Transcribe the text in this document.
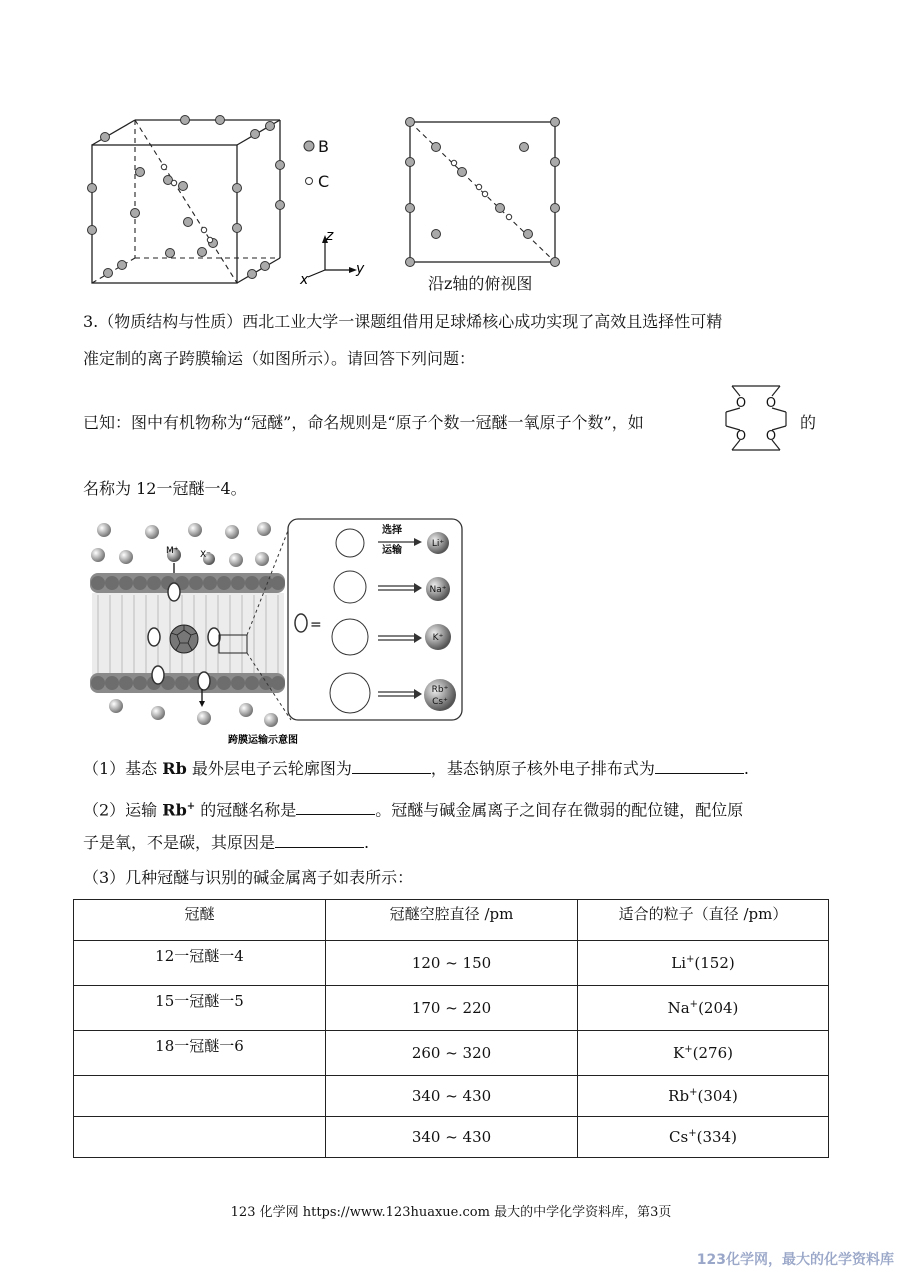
B
C
z
x
y
沿z轴的俯视图
3.（物质结构与性质）西北工业大学一课题组借用足球烯核心成功实现了高效且选择性可精
准定制的离子跨膜输运（如图所示）。请回答下列问题：
已知：图中有机物称为“冠醚”，命名规则是“原子个数一冠醚一氧原子个数”，如
O O
O
O
的
名称为 12一冠醚一4。
M⁺ X⁻
=
选择
运输
Li⁺
Na⁺
K⁺
Rb⁺
Cs⁺
跨膜运输示意图
（1）基态 Rb 最外层电子云轮廓图为	，基态钠原子核外电子排布式为	.
（2）运输 Rb+ 的冠醚名称是	。冠醚与碱金属离子之间存在微弱的配位键，配位原
子是氧，不是碳，其原因是	.
（3）几种冠醚与识别的碱金属离子如表所示：
冠醚	冠醚空腔直径 /pm	适合的粒子（直径 /pm）
12一冠醚一4	120 ~ 150	Li+(152)
15一冠醚一5	170 ~ 220	Na+(204)
18一冠醚一6	260 ~ 320	K+(276)
	340 ~ 430	Rb+(304)
	340 ~ 430	Cs+(334)
123 化学网 https://www.123huaxue.com 最大的中学化学资料库，第3页
123化学网，最大的化学资料库
